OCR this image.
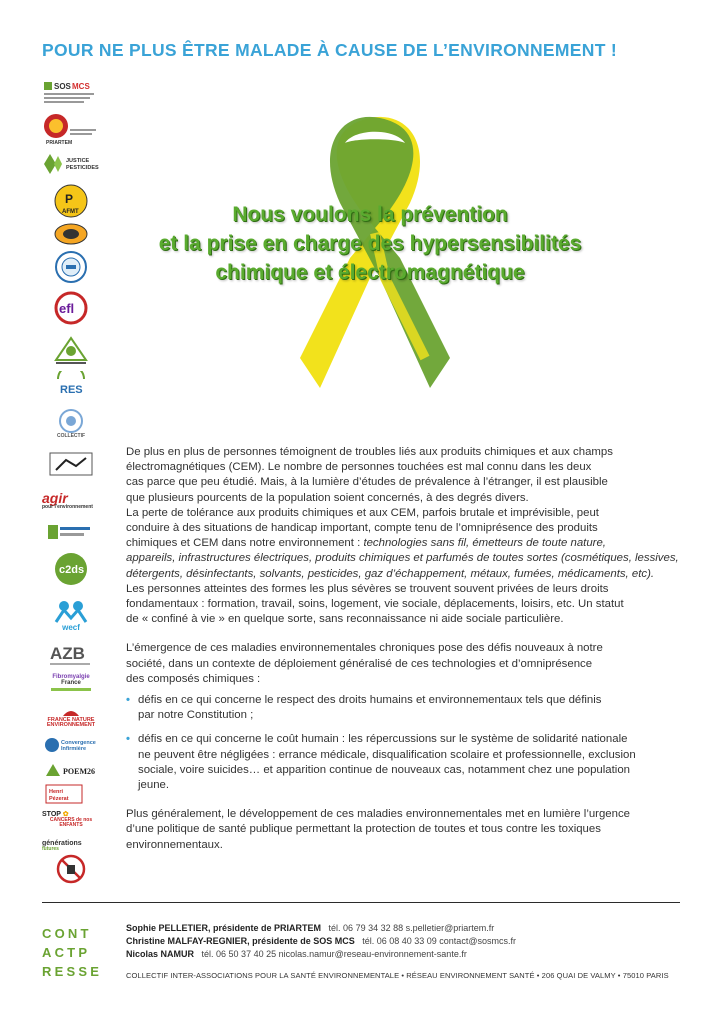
POUR NE PLUS ÊTRE MALADE À CAUSE DE L’ENVIRONNEMENT !
SOS MCS
PRIARTEM
JUSTICE
PESTICIDES
P
AFMT
efl
RES
COLLECTIF
agir
pour l'environnement
c2ds
wecf
AZB
Fibromyalgie
France
FRANCE NATURE
ENVIRONNEMENT
Convergence
Infirmière
POEM26
Henri
Pézerat
STOP ✿
CANCERS de nos ENFANTS
générations
futures
Nous voulons la prévention
et la prise en charge des hypersensibilités
chimique et électromagnétique

De plus en plus de personnes témoignent de troubles liés aux produits chimiques et aux champs
électromagnétiques (CEM). Le nombre de personnes touchées est mal connu dans les deux
cas parce que peu étudié. Mais, à la lumière d’études de prévalence à l’étranger, il est plausible
que plusieurs pourcents de la population soient concernés, à des degrés divers.
La perte de tolérance aux produits chimiques et aux CEM, parfois brutale et imprévisible, peut
conduire à des situations de handicap important, compte tenu de l’omniprésence des produits
chimiques et CEM dans notre environnement : technologies sans fil, émetteurs de toute nature,
appareils, infrastructures électriques, produits chimiques et parfumés de toutes sortes (cosmétiques, lessives,
détergents, désinfectants, solvants, pesticides, gaz d’échappement, métaux, fumées, médicaments, etc).
Les personnes atteintes des formes les plus sévères se trouvent souvent privées de leurs droits
fondamentaux : formation, travail, soins, logement, vie sociale, déplacements, loisirs, etc. Un statut
de « confiné à vie » en quelque sorte, sans reconnaissance ni aide sociale particulière.

L’émergence de ces maladies environnementales chroniques pose des défis nouveaux à notre
société, dans un contexte de déploiement généralisé de ces technologies et d’omniprésence
des composés chimiques :

• défis en ce qui concerne le respect des droits humains et environnementaux tels que définis
par notre Constitution ;
• défis en ce qui concerne le coût humain : les répercussions sur le système de solidarité nationale
ne peuvent être négligées : errance médicale, disqualification scolaire et professionnelle, exclusion
sociale, voire suicides… et apparition continue de nouveaux cas, notamment chez une population
jeune.

Plus généralement, le développement de ces maladies environnementales met en lumière l’urgence
d’une politique de santé publique permettant la protection de toutes et tous contre les toxiques
environnementaux.

CONT
ACTP
RESSE
Sophie PELLETIER, présidente de PRIARTEM tél. 06 79 34 32 88 s.pelletier@priartem.fr
Christine MALFAY-REGNIER, présidente de SOS MCS tél. 06 08 40 33 09 contact@sosmcs.fr
Nicolas NAMUR tél. 06 50 37 40 25 nicolas.namur@reseau-environnement-sante.fr
COLLECTIF INTER-ASSOCIATIONS POUR LA SANTÉ ENVIRONNEMENTALE • RÉSEAU ENVIRONNEMENT SANTÉ • 206 QUAI DE VALMY • 75010 PARIS
